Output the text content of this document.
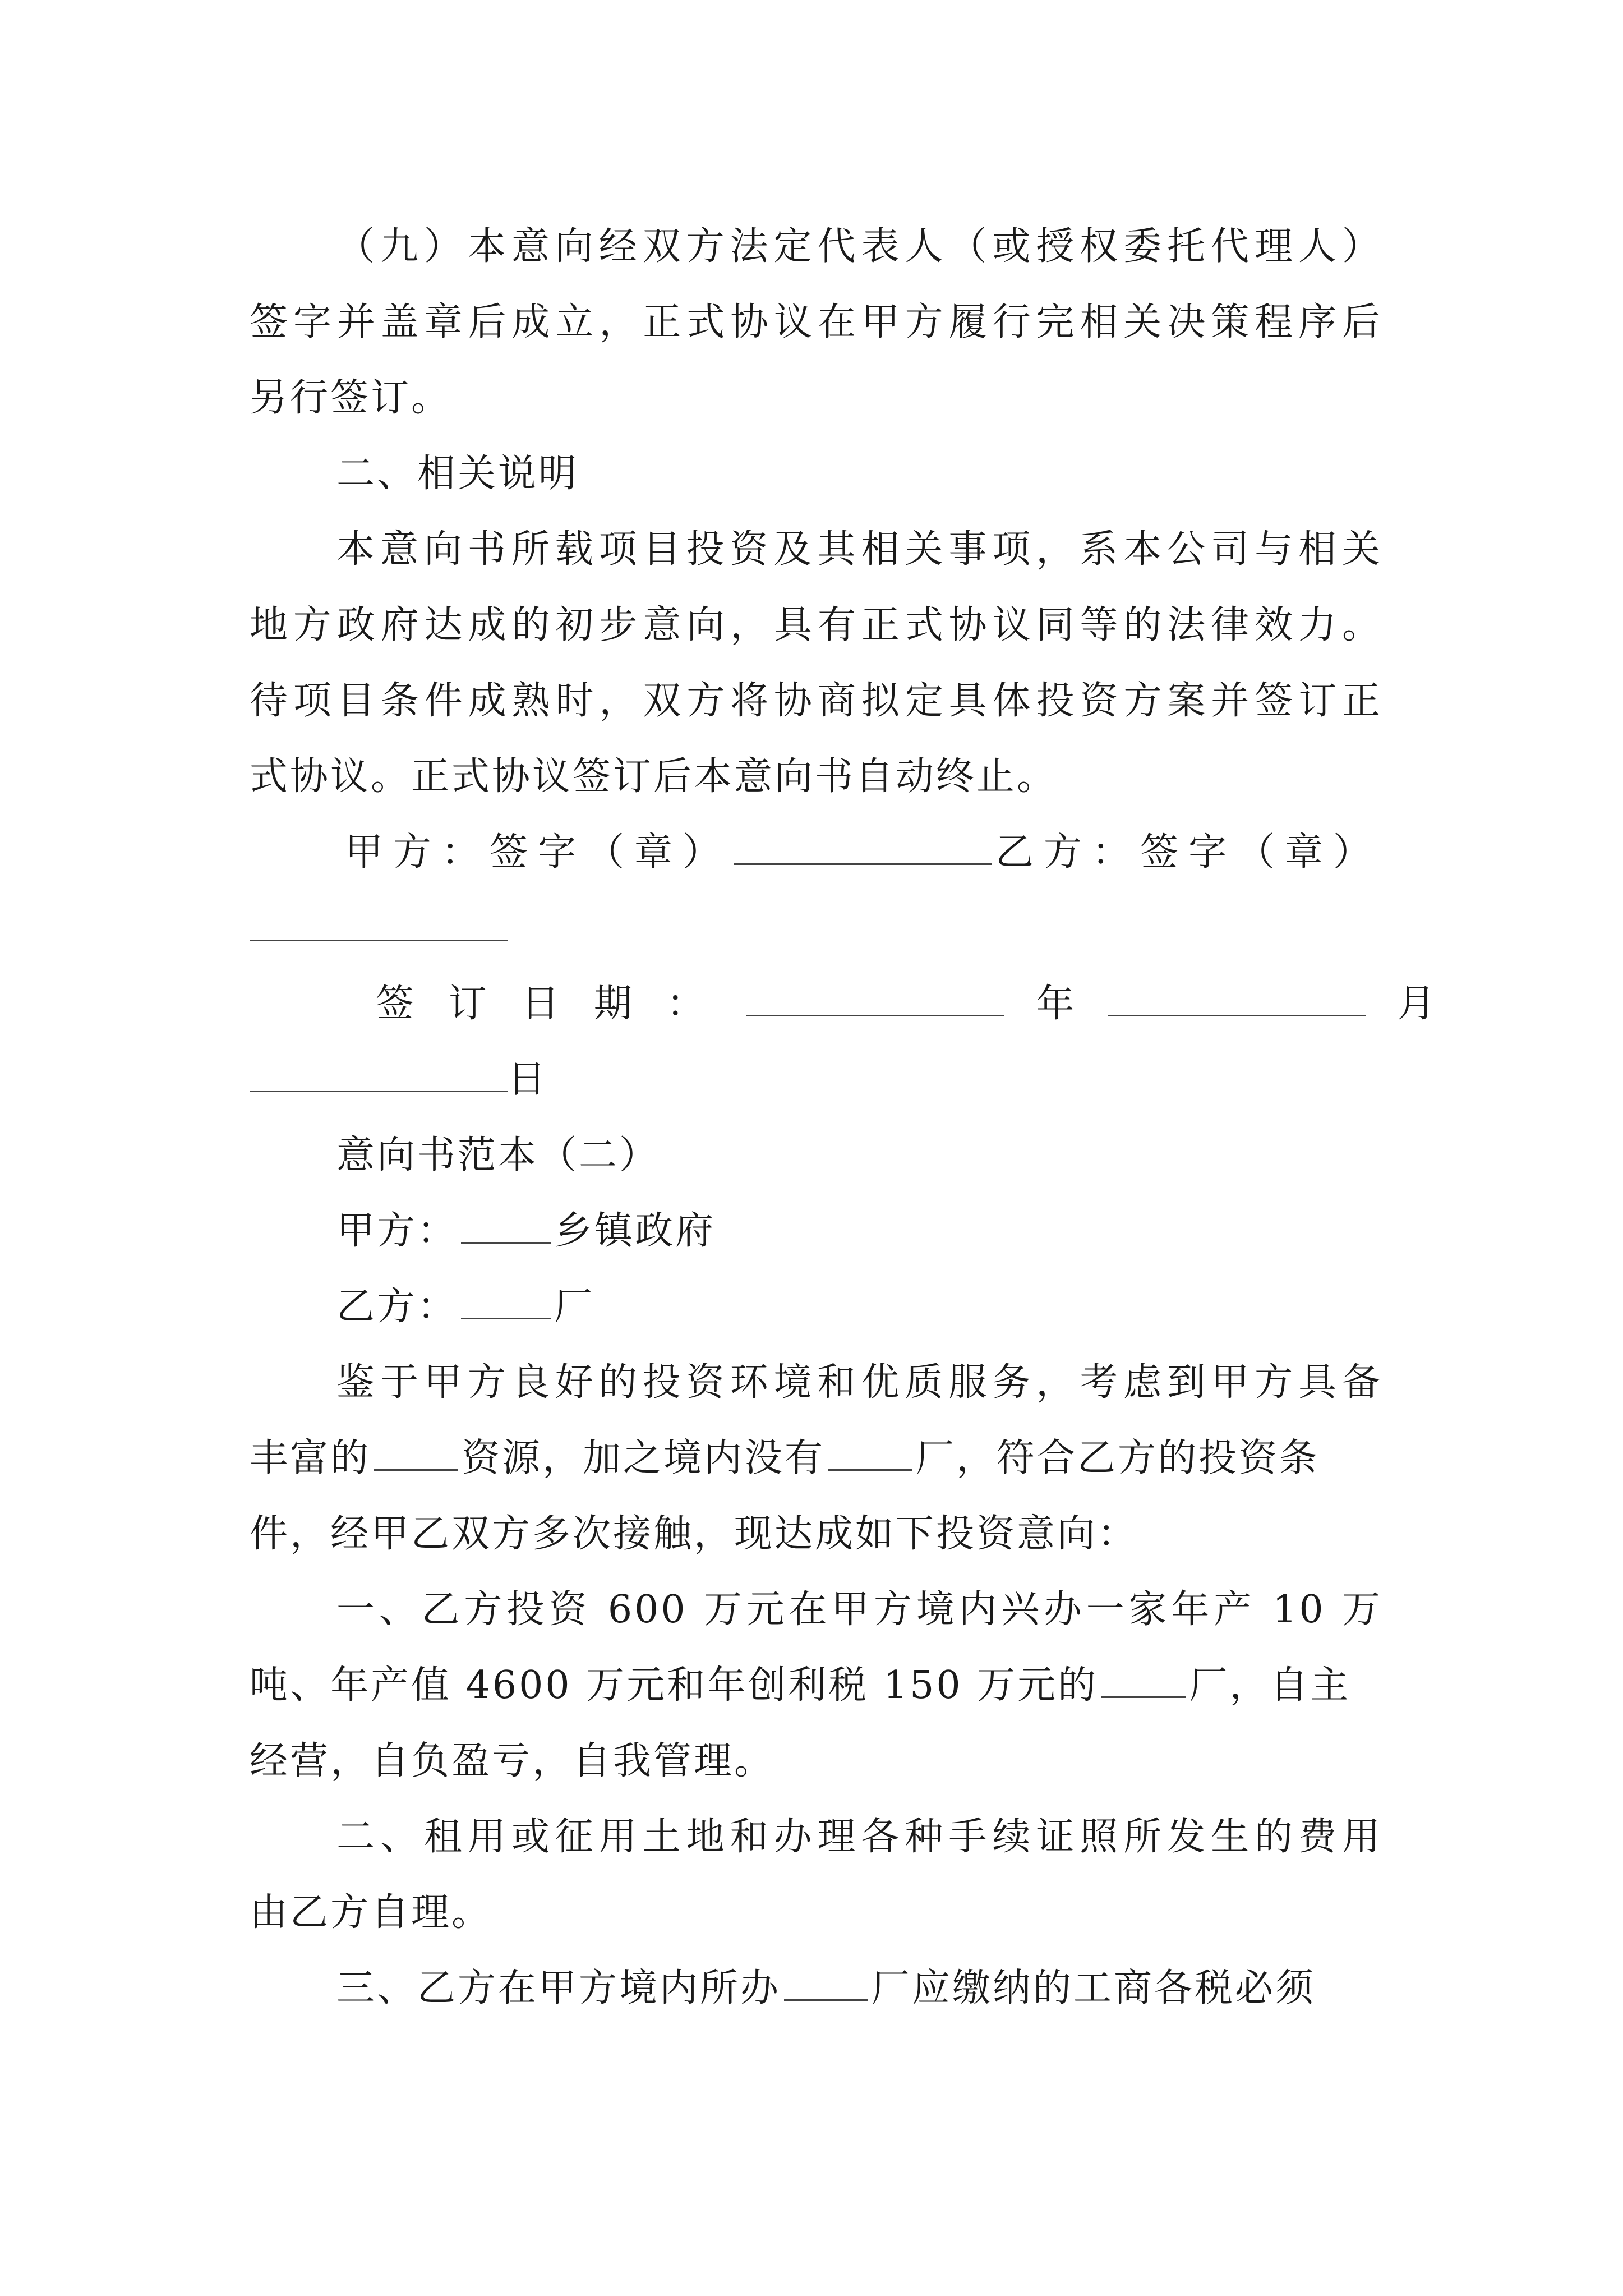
（九）本意向经双方法定代表人（或授权委托代理人）
签字并盖章后成立，正式协议在甲方履行完相关决策程序后
另行签订。
二、相关说明
本意向书所载项目投资及其相关事项，系本公司与相关
地方政府达成的初步意向，具有正式协议同等的法律效力。
待项目条件成熟时，双方将协商拟定具体投资方案并签订正
式协议。正式协议签订后本意向书自动终止。
甲方：签字（章）	乙方：签字（章）
签 订 日 期 ：	年	月
日
意向书范本（二）
甲方：	乡镇政府
乙方：	厂
鉴于甲方良好的投资环境和优质服务，考虑到甲方具备
丰富的 资源，加之境内没有 厂，符合乙方的投资条
件，经甲乙双方多次接触，现达成如下投资意向：
一、乙方投资 600 万元在甲方境内兴办一家年产 10 万
吨、年产值 4600 万元和年创利税 150 万元的 厂，自主
经营，自负盈亏，自我管理。
二、租用或征用土地和办理各种手续证照所发生的费用
由乙方自理。
三、乙方在甲方境内所办 厂应缴纳的工商各税必须
